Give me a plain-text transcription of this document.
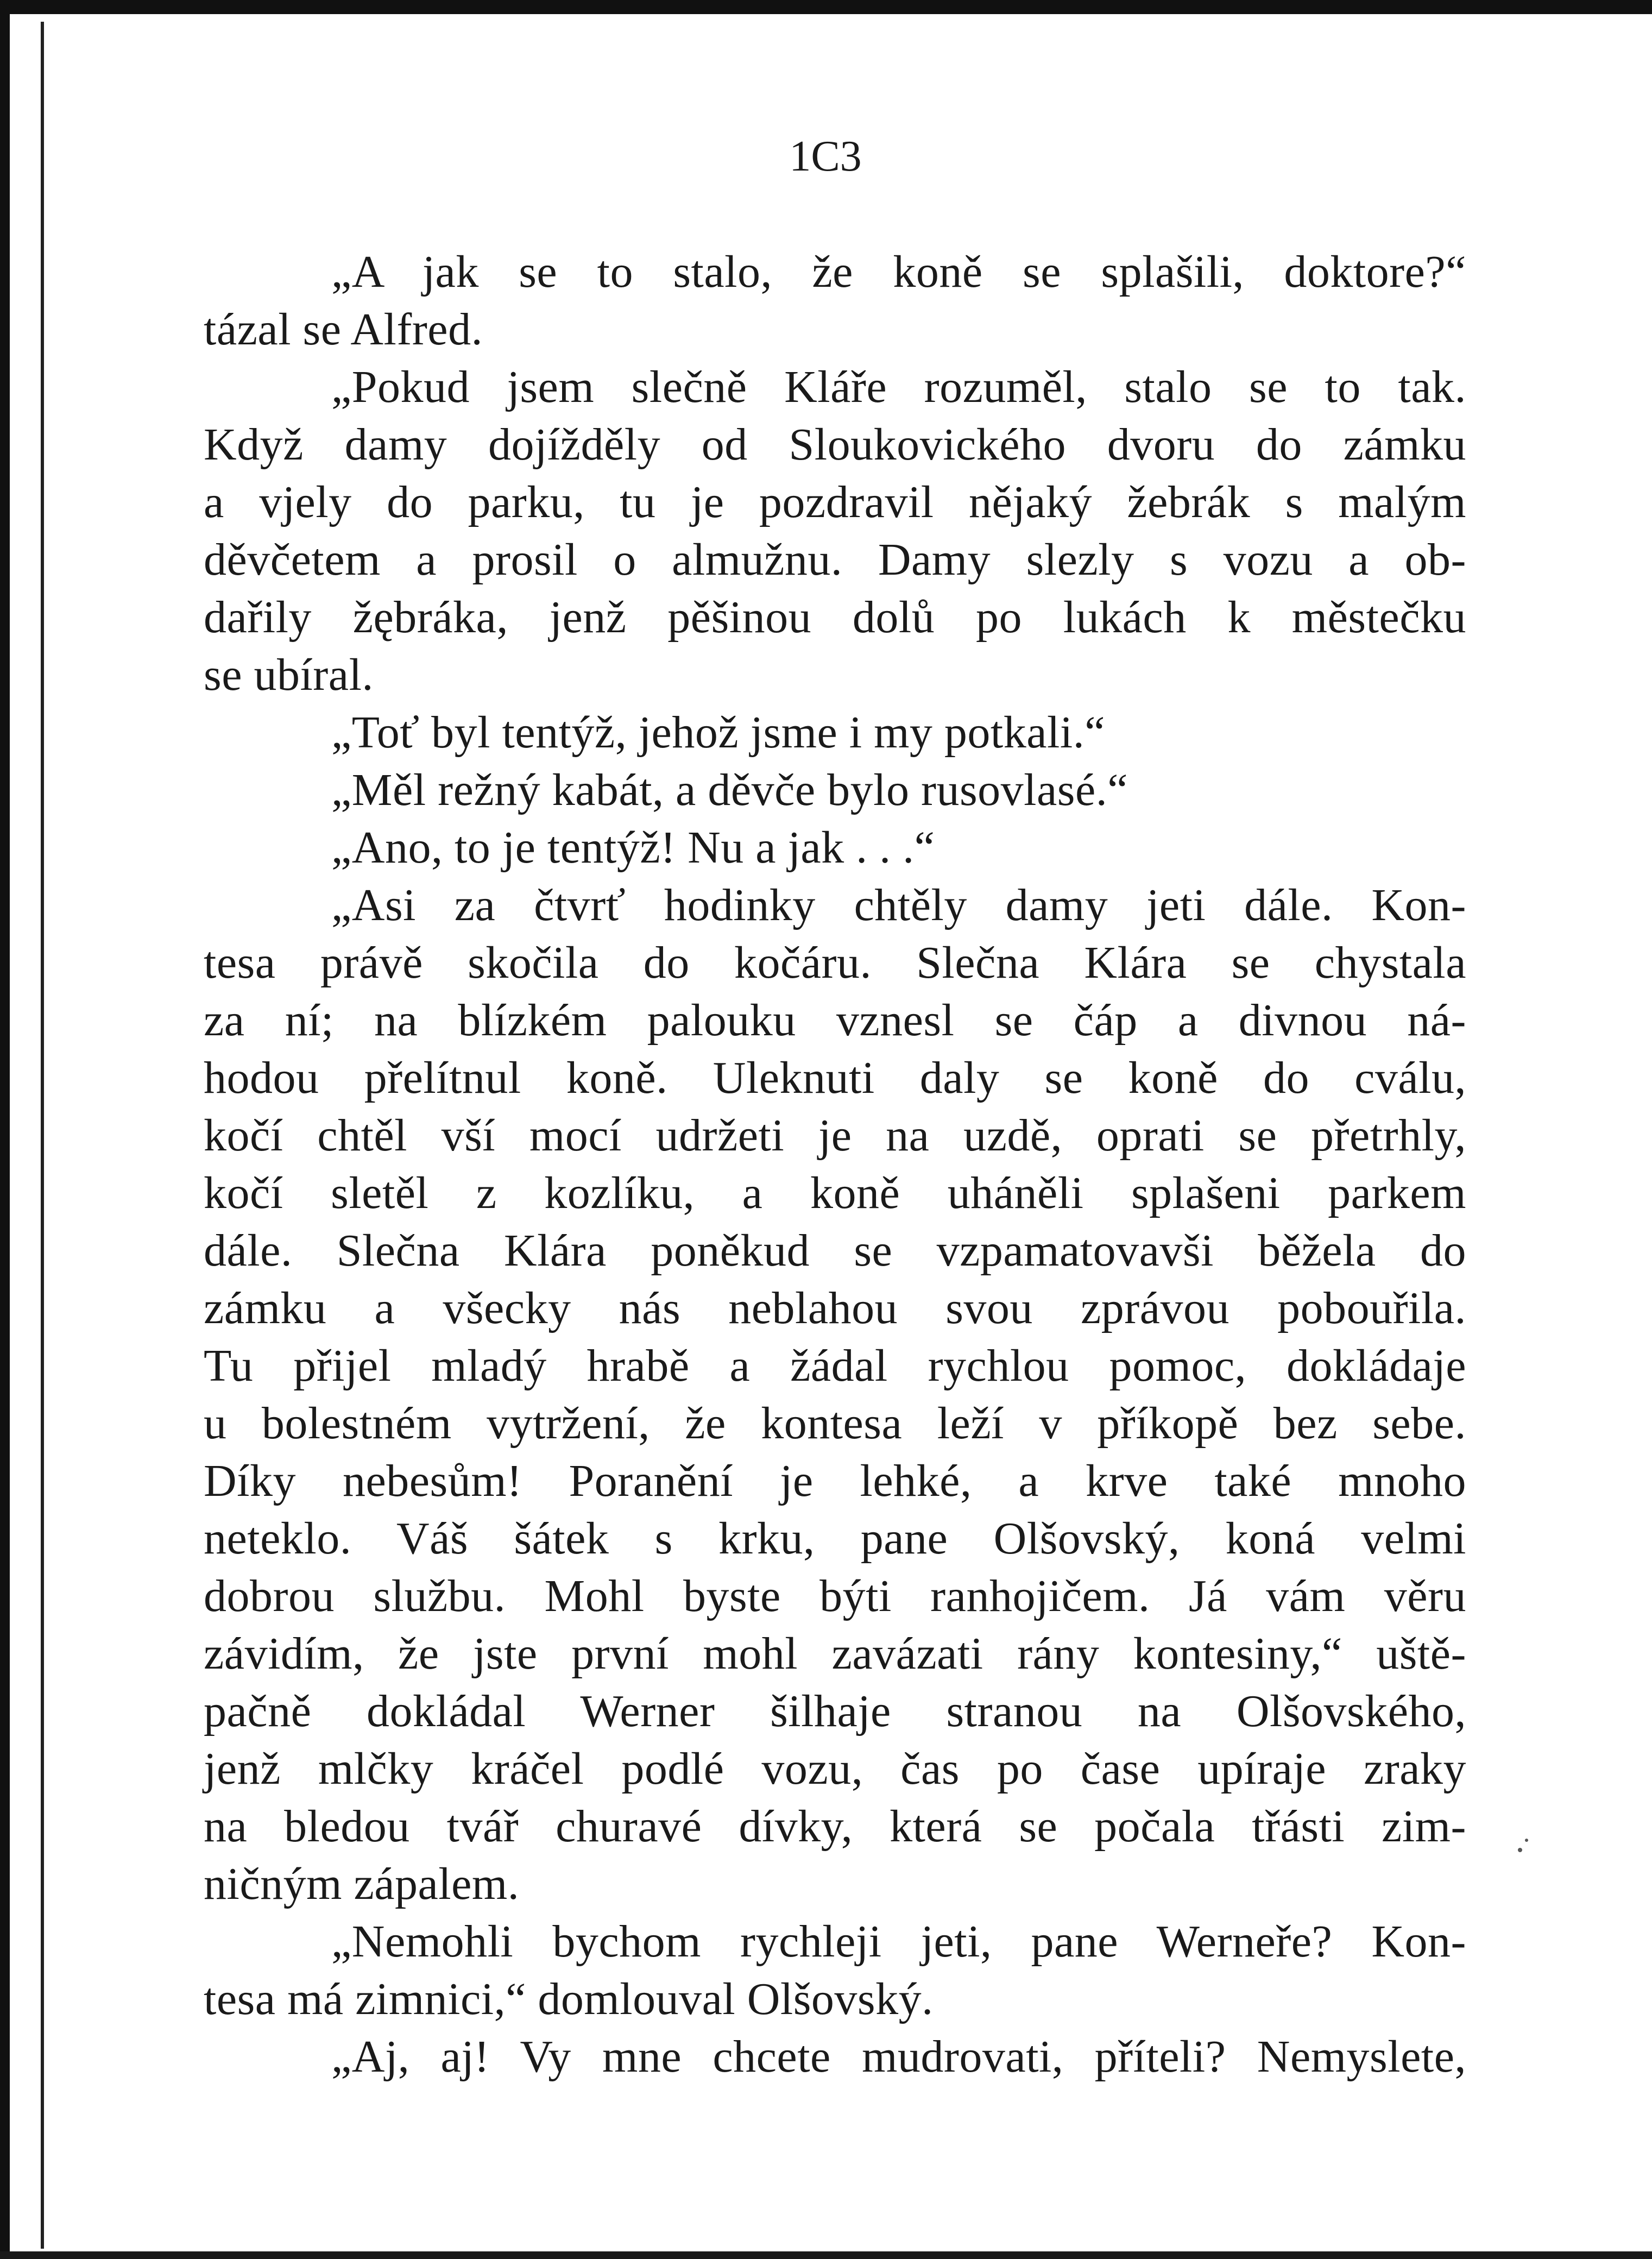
1C3
„A jak se to stalo, že koně se splašili, doktore?“
tázal se Alfred.
„Pokud jsem slečně Kláře rozuměl, stalo se to tak.
Když damy dojížděly od Sloukovického dvoru do zámku
a vjely do parku, tu je pozdravil nějaký žebrák s malým
děvčetem a prosil o almužnu. Damy slezly s vozu a ob-
dařily žębráka, jenž pěšinou dolů po lukách k městečku
se ubíral.
„Toť byl tentýž, jehož jsme i my potkali.“
„Měl režný kabát, a děvče bylo rusovlasé.“
„Ano, to je tentýž! Nu a jak . . .“
„Asi za čtvrť hodinky chtěly damy jeti dále. Kon-
tesa právě skočila do kočáru. Slečna Klára se chystala
za ní; na blízkém palouku vznesl se čáp a divnou ná-
hodou přelítnul koně. Uleknuti daly se koně do cválu,
kočí chtěl vší mocí udržeti je na uzdě, oprati se přetrhly,
kočí sletěl z kozlíku, a koně uháněli splašeni parkem
dále. Slečna Klára poněkud se vzpamatovavši běžela do
zámku a všecky nás neblahou svou zprávou pobouřila.
Tu přijel mladý hrabě a žádal rychlou pomoc, dokládaje
u bolestném vytržení, že kontesa leží v příkopě bez sebe.
Díky nebesům! Poranění je lehké, a krve také mnoho
neteklo. Váš šátek s krku, pane Olšovský, koná velmi
dobrou službu. Mohl byste býti ranhojičem. Já vám věru
závidím, že jste první mohl zavázati rány kontesiny,“ uště-
pačně dokládal Werner šilhaje stranou na Olšovského,
jenž mlčky kráčel podlé vozu, čas po čase upíraje zraky
na bledou tvář churavé dívky, která se počala třásti zim-
ničným zápalem.
„Nemohli bychom rychleji jeti, pane Werneře? Kon-
tesa má zimnici,“ domlouval Olšovský.
„Aj, aj! Vy mne chcete mudrovati, příteli? Nemyslete,
